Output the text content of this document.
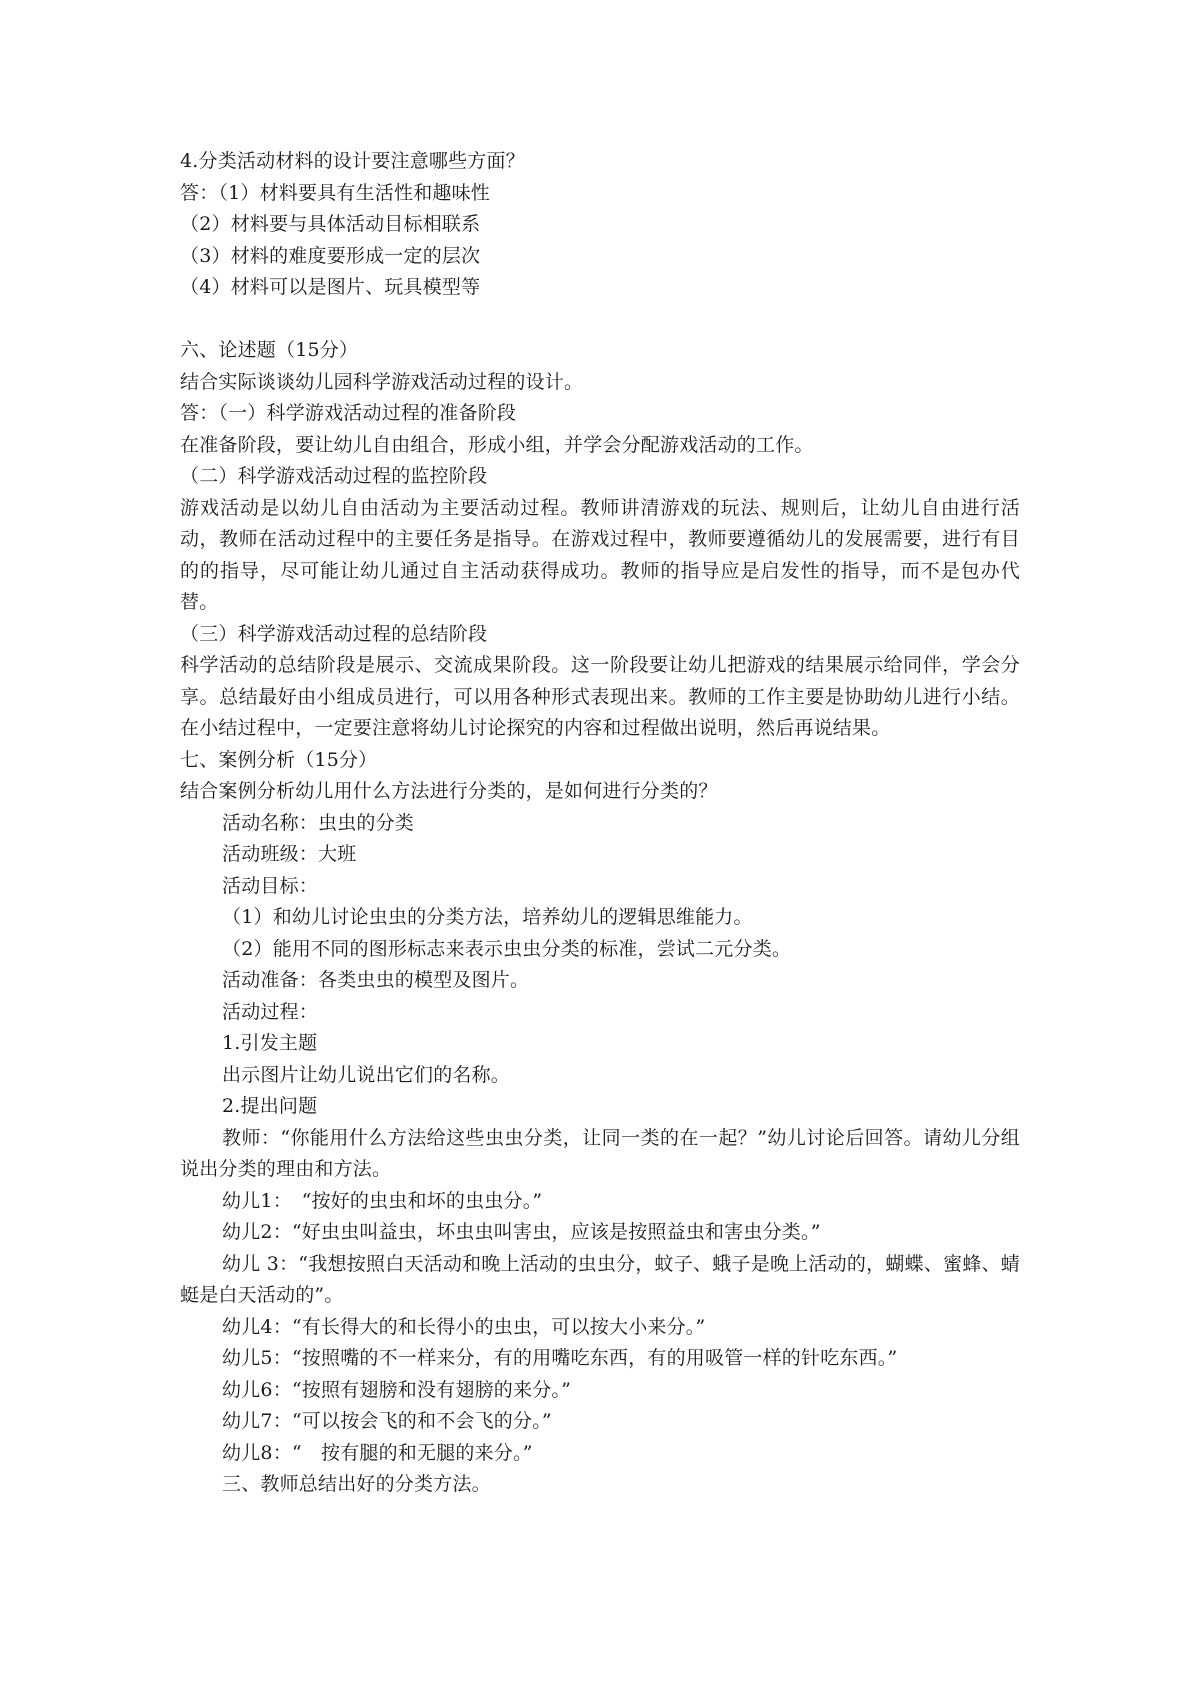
4.分类活动材料的设计要注意哪些方面？
答：（1）材料要具有生活性和趣味性
（2）材料要与具体活动目标相联系
（3）材料的难度要形成一定的层次
（4）材料可以是图片、玩具模型等
六、论述题（15分）
结合实际谈谈幼儿园科学游戏活动过程的设计。
答：（一）科学游戏活动过程的准备阶段
在准备阶段，要让幼儿自由组合，形成小组，并学会分配游戏活动的工作。
（二）科学游戏活动过程的监控阶段
游戏活动是以幼儿自由活动为主要活动过程。教师讲清游戏的玩法、规则后，让幼儿自由进行活动，教师在活动过程中的主要任务是指导。在游戏过程中，教师要遵循幼儿的发展需要，进行有目的的指导，尽可能让幼儿通过自主活动获得成功。教师的指导应是启发性的指导，而不是包办代替。
（三）科学游戏活动过程的总结阶段
科学活动的总结阶段是展示、交流成果阶段。这一阶段要让幼儿把游戏的结果展示给同伴，学会分享。总结最好由小组成员进行，可以用各种形式表现出来。教师的工作主要是协助幼儿进行小结。在小结过程中，一定要注意将幼儿讨论探究的内容和过程做出说明，然后再说结果。
七、案例分析（15分）
结合案例分析幼儿用什么方法进行分类的，是如何进行分类的？
活动名称：虫虫的分类
活动班级：大班
活动目标：
（1）和幼儿讨论虫虫的分类方法，培养幼儿的逻辑思维能力。
（2）能用不同的图形标志来表示虫虫分类的标准，尝试二元分类。
活动准备：各类虫虫的模型及图片。
活动过程：
1.引发主题
出示图片让幼儿说出它们的名称。
2.提出问题
教师：“你能用什么方法给这些虫虫分类，让同一类的在一起？”幼儿讨论后回答。请幼儿分组说出分类的理由和方法。
幼儿1：　“按好的虫虫和坏的虫虫分。”
幼儿2：“好虫虫叫益虫，坏虫虫叫害虫，应该是按照益虫和害虫分类。”
幼儿 3：“我想按照白天活动和晚上活动的虫虫分，蚊子、蛾子是晚上活动的，蝴蝶、蜜蜂、蜻蜓是白天活动的”。
幼儿4：“有长得大的和长得小的虫虫，可以按大小来分。”
幼儿5：“按照嘴的不一样来分，有的用嘴吃东西，有的用吸管一样的针吃东西。”
幼儿6：“按照有翅膀和没有翅膀的来分。”
幼儿7：“可以按会飞的和不会飞的分。”
幼儿8：“　按有腿的和无腿的来分。”
三、教师总结出好的分类方法。
